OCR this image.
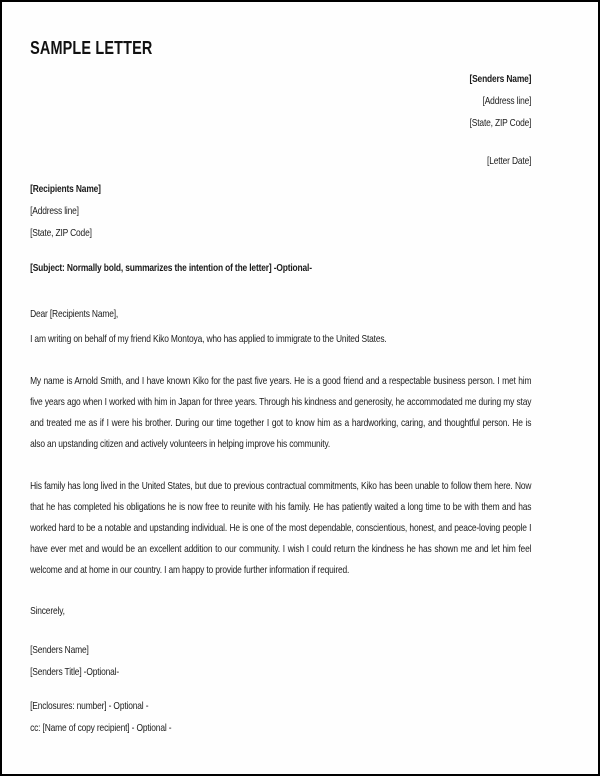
SAMPLE LETTER
[Senders Name]
[Address line]
[State, ZIP Code]
[Letter Date]
[Recipients Name]
[Address line]
[State, ZIP Code]
[Subject: Normally bold, summarizes the intention of the letter] -Optional-
Dear [Recipients Name],

I am writing on behalf of my friend Kiko Montoya, who has applied to immigrate to the United States.

My name is Arnold Smith, and I have known Kiko for the past five years. He is a good friend and a respectable business person. I met him five years ago when I worked with him in Japan for three years. Through his kindness and generosity, he accommodated me during my stay and treated me as if I were his brother. During our time together I got to know him as a hardworking, caring, and thoughtful person. He is also an upstanding citizen and actively volunteers in helping improve his community.

His family has long lived in the United States, but due to previous contractual commitments, Kiko has been unable to follow them here. Now that he has completed his obligations he is now free to reunite with his family. He has patiently waited a long time to be with them and has worked hard to be a notable and upstanding individual. He is one of the most dependable, conscientious, honest, and peace-loving people I have ever met and would be an excellent addition to our community. I wish I could return the kindness he has shown me and let him feel welcome and at home in our country. I am happy to provide further information if required.

Sincerely,
[Senders Name]
[Senders Title] -Optional-
[Enclosures: number] - Optional -
cc: [Name of copy recipient] - Optional -
